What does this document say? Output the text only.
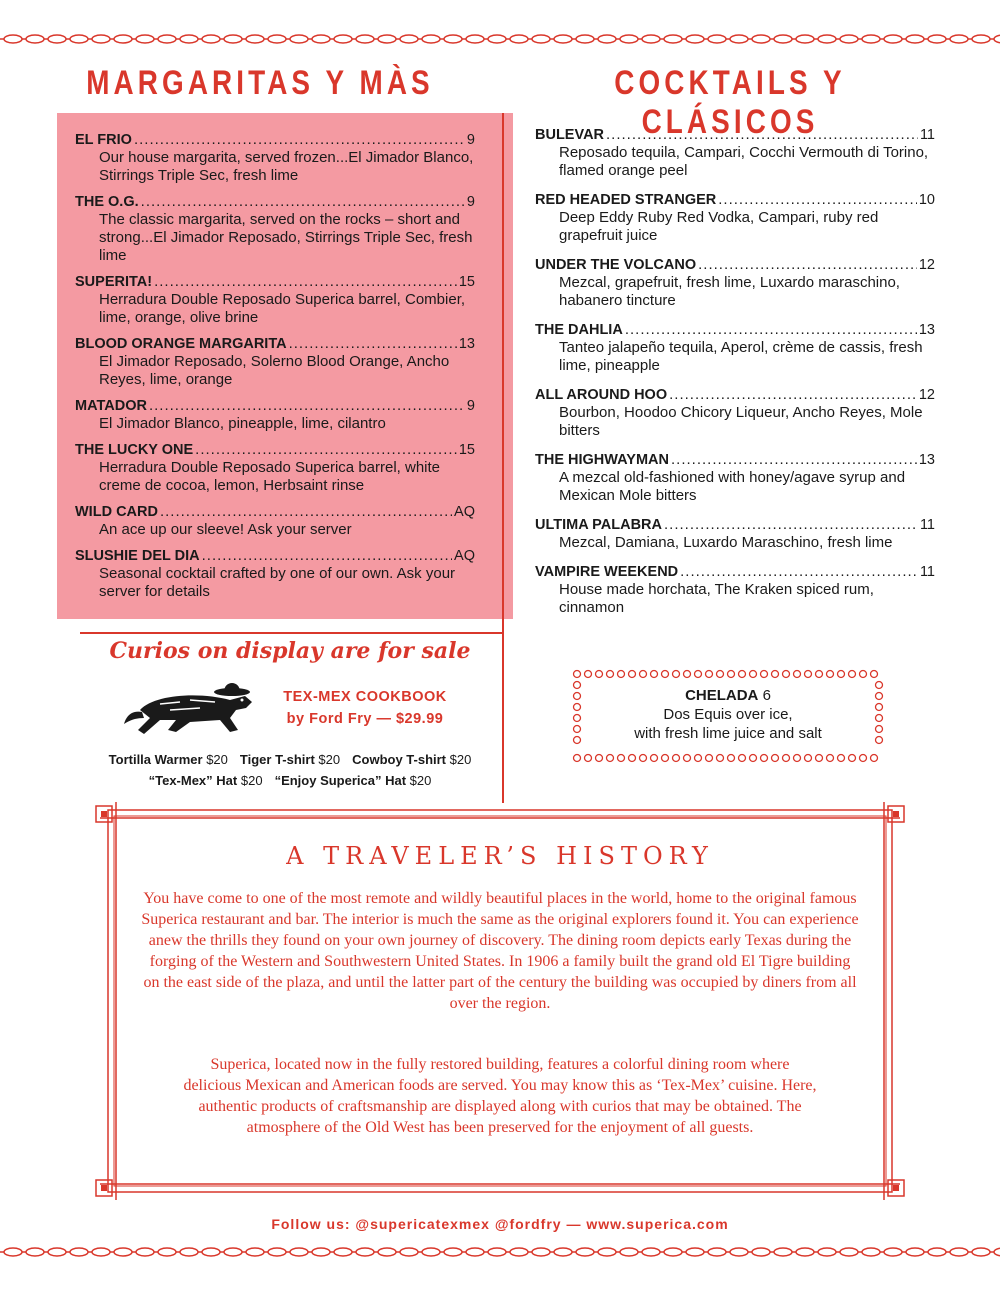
MARGARITAS Y MÀS	COCKTAILS Y CLÁSICOS
EL FRIO .....	9
Our house margarita, served frozen...El Jimador Blanco, Stirrings Triple Sec, fresh lime
THE O.G. .....	9
The classic margarita, served on the rocks – short and strong...El Jimador Reposado, Stirrings Triple Sec, fresh lime
SUPERITA! .....	15
Herradura Double Reposado Superica barrel, Combier, lime, orange, olive brine
BLOOD ORANGE MARGARITA .....	13
El Jimador Reposado, Solerno Blood Orange, Ancho Reyes, lime, orange
MATADOR .....	9
El Jimador Blanco, pineapple, lime, cilantro
THE LUCKY ONE .....	15
Herradura Double Reposado Superica barrel, white creme de cocoa, lemon, Herbsaint rinse
WILD CARD .....	AQ
An ace up our sleeve! Ask your server
SLUSHIE DEL DIA .....	AQ
Seasonal cocktail crafted by one of our own. Ask your server for details
BULEVAR .....	11
Reposado tequila, Campari, Cocchi Vermouth di Torino, flamed orange peel
RED HEADED STRANGER .....	10
Deep Eddy Ruby Red Vodka, Campari, ruby red grapefruit juice
UNDER THE VOLCANO .....	12
Mezcal, grapefruit, fresh lime, Luxardo maraschino, habanero tincture
THE DAHLIA .....	13
Tanteo jalapeño tequila, Aperol, crème de cassis, fresh lime, pineapple
ALL AROUND HOO .....	12
Bourbon, Hoodoo Chicory Liqueur, Ancho Reyes, Mole bitters
THE HIGHWAYMAN .....	13
A mezcal old-fashioned with honey/agave syrup and Mexican Mole bitters
ULTIMA PALABRA .....	11
Mezcal, Damiana, Luxardo Maraschino, fresh lime
VAMPIRE WEEKEND .....	11
House made horchata, The Kraken spiced rum, cinnamon
Curios on display are for sale
TEX-MEX COOKBOOK
by Ford Fry — $29.99
Tortilla Warmer $20 Tiger T-shirt $20 Cowboy T-shirt $20
“Tex-Mex” Hat $20 “Enjoy Superica” Hat $20
CHELADA 6
Dos Equis over ice,
with fresh lime juice and salt
A TRAVELER’S HISTORY
You have come to one of the most remote and wildly beautiful places in the world, home to the original famous Superica restaurant and bar. The interior is much the same as the original explorers found it. You can experience anew the thrills they found on your own journey of discovery. The dining room depicts early Texas during the forging of the Western and Southwestern United States. In 1906 a family built the grand old El Tigre building on the east side of the plaza, and until the latter part of the century the building was occupied by diners from all over the region.
Superica, located now in the fully restored building, features a colorful dining room where delicious Mexican and American foods are served. You may know this as ‘Tex-Mex’ cuisine. Here, authentic products of craftsmanship are displayed along with curios that may be obtained. The atmosphere of the Old West has been preserved for the enjoyment of all guests.
Follow us: @supericatexmex @fordfry — www.superica.com
